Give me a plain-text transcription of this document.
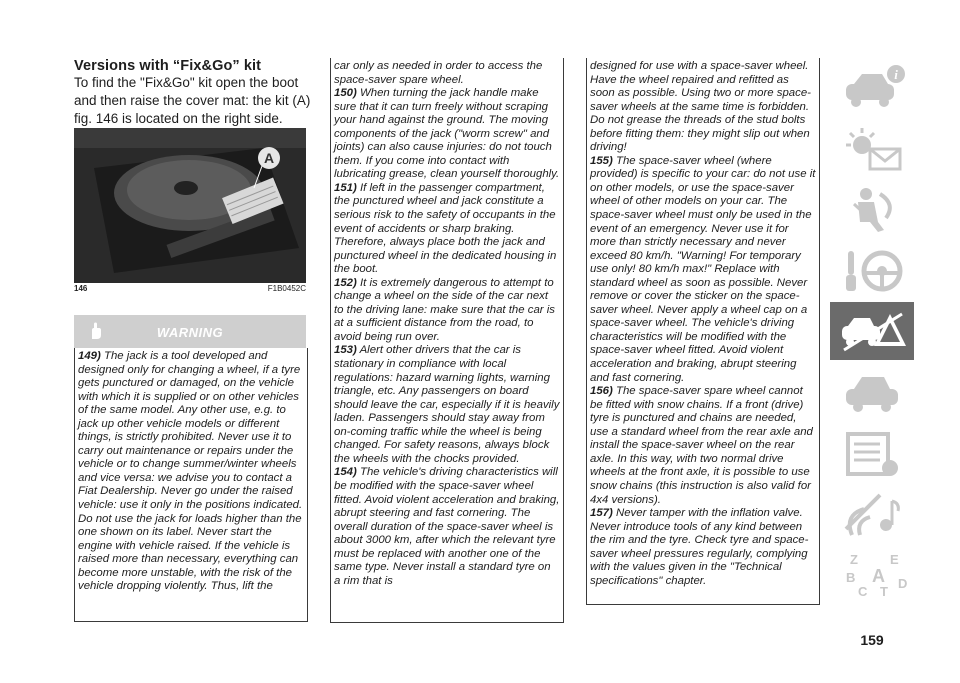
Versions with “Fix&Go” kit
To find the "Fix&Go" kit open the boot and then raise the cover mat: the kit (A) fig. 146 is located on the right side.
A
146	F1B0452C
WARNING

149) The jack is a tool developed and designed only for changing a wheel, if a tyre gets punctured or damaged, on the vehicle with which it is supplied or on other vehicles of the same model. Any other use, e.g. to jack up other vehicle models or different things, is strictly prohibited. Never use it to carry out maintenance or repairs under the vehicle or to change summer/winter wheels and vice versa: we advise you to contact a Fiat Dealership. Never go under the raised vehicle: use it only in the positions indicated. Do not use the jack for loads higher than the one shown on its label. Never start the engine with vehicle raised. If the vehicle is raised more than necessary, everything can become more unstable, with the risk of the vehicle dropping violently. Thus, lift the

car only as needed in order to access the space-saver spare wheel.

150) When turning the jack handle make sure that it can turn freely without scraping your hand against the ground. The moving components of the jack ("worm screw" and joints) can also cause injuries: do not touch them. If you come into contact with lubricating grease, clean yourself thoroughly.

151) If left in the passenger compartment, the punctured wheel and jack constitute a serious risk to the safety of occupants in the event of accidents or sharp braking. Therefore, always place both the jack and punctured wheel in the dedicated housing in the boot.

152) It is extremely dangerous to attempt to change a wheel on the side of the car next to the driving lane: make sure that the car is at a sufficient distance from the road, to avoid being run over.

153) Alert other drivers that the car is stationary in compliance with local regulations: hazard warning lights, warning triangle, etc. Any passengers on board should leave the car, especially if it is heavily laden. Passengers should stay away from on-coming traffic while the wheel is being changed. For safety reasons, always block the wheels with the chocks provided.

154) The vehicle's driving characteristics will be modified with the space-saver wheel fitted. Avoid violent acceleration and braking, abrupt steering and fast cornering. The overall duration of the space-saver wheel is about 3000 km, after which the relevant tyre must be replaced with another one of the same type. Never install a standard tyre on a rim that is

designed for use with a space-saver wheel. Have the wheel repaired and refitted as soon as possible. Using two or more space-saver wheels at the same time is forbidden. Do not grease the threads of the stud bolts before fitting them: they might slip out when driving!

155) The space-saver wheel (where provided) is specific to your car: do not use it on other models, or use the space-saver wheel of other models on your car. The space-saver wheel must only be used in the event of an emergency. Never use it for more than strictly necessary and never exceed 80 km/h. "Warning! For temporary use only! 80 km/h max!" Replace with standard wheel as soon as possible. Never remove or cover the sticker on the space-saver wheel. Never apply a wheel cap on a space-saver wheel. The vehicle's driving characteristics will be modified with the space-saver wheel fitted. Avoid violent acceleration and braking, abrupt steering and fast cornering.

156) The space-saver spare wheel cannot be fitted with snow chains. If a front (drive) tyre is punctured and chains are needed, use a standard wheel from the rear axle and install the space-saver wheel on the rear axle. In this way, with two normal drive wheels at the front axle, it is possible to use snow chains (this instruction is also valid for 4x4 versions).

157) Never tamper with the inflation valve. Never introduce tools of any kind between the rim and the tyre. Check tyre and space-saver wheel pressures regularly, complying with the values given in the "Technical specifications" chapter.

i
Z E
B A
C T
D
159
